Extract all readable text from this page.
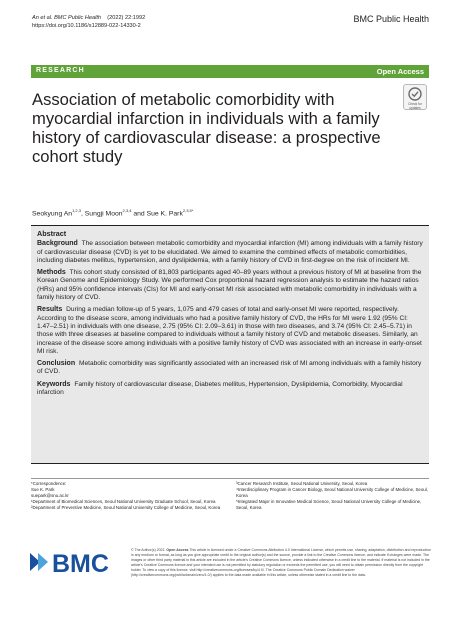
An et al. BMC Public Health (2022) 22:1992
https://doi.org/10.1186/s12889-022-14330-2
BMC Public Health
RESEARCH	Open Access
Check for updates
Association of metabolic comorbidity with myocardial infarction in individuals with a family history of cardiovascular disease: a prospective cohort study
Seokyung An$^{1,2,3}$, Sungji Moon$^{2,3,4}$ and Sue K. Park$^{2,3,5*}$
Abstract

Background The association between metabolic comorbidity and myocardial infarction (MI) among individuals with a family history of cardiovascular disease (CVD) is yet to be elucidated. We aimed to examine the combined effects of metabolic comorbidities, including diabetes mellitus, hypertension, and dyslipidemia, with a family history of CVD in first-degree on the risk of incident MI.

Methods This cohort study consisted of 81,803 participants aged 40–89 years without a previous history of MI at baseline from the Korean Genome and Epidemiology Study. We performed Cox proportional hazard regression analysis to estimate the hazard ratios (HRs) and 95% confidence intervals (CIs) for MI and early-onset MI risk associated with metabolic comorbidity in individuals with a family history of CVD.

Results During a median follow-up of 5 years, 1,075 and 479 cases of total and early-onset MI were reported, respectively. According to the disease score, among individuals who had a positive family history of CVD, the HRs for MI were 1.92 (95% CI: 1.47–2.51) in individuals with one disease, 2.75 (95% CI: 2.09–3.61) in those with two diseases, and 3.74 (95% CI: 2.45–5.71) in those with three diseases at baseline compared to individuals without a family history of CVD and metabolic diseases. Similarly, an increase of the disease score among individuals with a positive family history of CVD was associated with an increase in early-onset MI risk.

Conclusion Metabolic comorbidity was significantly associated with an increased risk of MI among individuals with a family history of CVD.

Keywords Family history of cardiovascular disease, Diabetes mellitus, Hypertension, Dyslipidemia, Comorbidity, Myocardial infarction

*Correspondence:
Sue K. Park
suepark@snu.ac.kr
¹Department of Biomedical Sciences, Seoul National University Graduate School, Seoul, Korea
²Department of Preventive Medicine, Seoul National University College of Medicine, Seoul, Korea
³Cancer Research Institute, Seoul National University, Seoul, Korea
⁴Interdisciplinary Program in Cancer Biology, Seoul National University College of Medicine, Seoul, Korea
⁵Integrated Major in Innovative Medical Science, Seoul National University College of Medicine, Seoul, Korea
BMC	© The Author(s) 2022. Open Access This article is licensed under a Creative Commons Attribution 4.0 International License, which permits use, sharing, adaptation, distribution and reproduction in any medium or format, as long as you give appropriate credit to the original author(s) and the source, provide a link to the Creative Commons licence, and indicate if changes were made. The images or other third party material in this article are included in the article's Creative Commons licence, unless indicated otherwise in a credit line to the material. If material is not included in the article's Creative Commons licence and your intended use is not permitted by statutory regulation or exceeds the permitted use, you will need to obtain permission directly from the copyright holder. To view a copy of this licence, visit http://creativecommons.org/licenses/by/4.0/. The Creative Commons Public Domain Dedication waiver (http://creativecommons.org/publicdomain/zero/1.0/) applies to the data made available in this article, unless otherwise stated in a credit line to the data.
